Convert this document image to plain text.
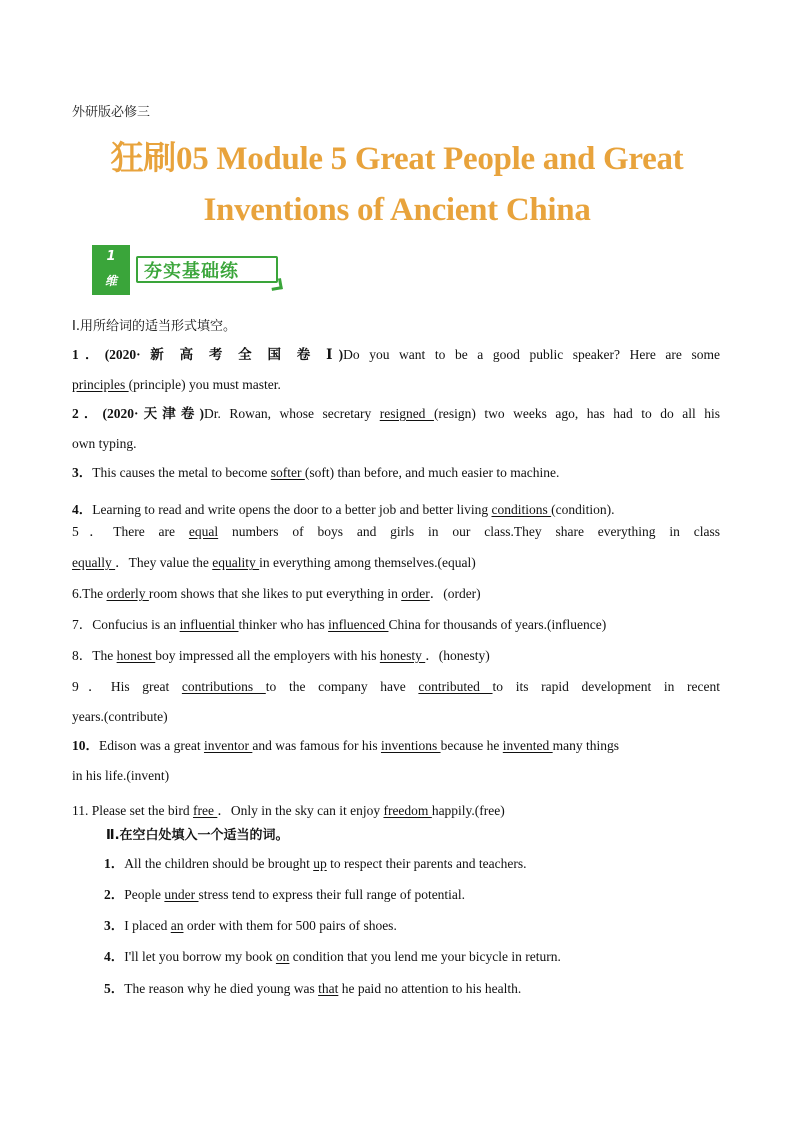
外研版必修三
狂刷05 Module 5 Great People and Great
Inventions of Ancient China
1
维	夯实基础练
I.用所给词的适当形式填空。
1．(2020· 新 高 考 全 国 卷 Ⅰ)Do you want to be a good public speaker? Here are some
principles (principle) you must master.
2．(2020·天津卷)Dr. Rowan, whose secretary resigned (resign) two weeks ago, has had to do all his
own typing.
3．This causes the metal to become softer (soft) than before, and much easier to machine.
4．Learning to read and write opens the door to a better job and better living conditions (condition).
5．There are equal numbers of boys and girls in our class.They share everything in class
equally ．They value the equality in everything among themselves.(equal)
6.The orderly room shows that she likes to put everything in order．(order)
7．Confucius is an influential thinker who has influenced China for thousands of years.(influence)
8．The honest boy impressed all the employers with his honesty ．(honesty)
9．His great contributions to the company have contributed to its rapid development in recent
years.(contribute)
10．Edison was a great inventor and was famous for his inventions because he invented many things
in his life.(invent)
11. Please set the bird free ．Only in the sky can it enjoy freedom happily.(free)
Ⅱ.在空白处填入一个适当的词。
1．All the children should be brought up to respect their parents and teachers.
2．People under stress tend to express their full range of potential.
3．I placed an order with them for 500 pairs of shoes.
4．I'll let you borrow my book on condition that you lend me your bicycle in return.
5．The reason why he died young was that he paid no attention to his health.
